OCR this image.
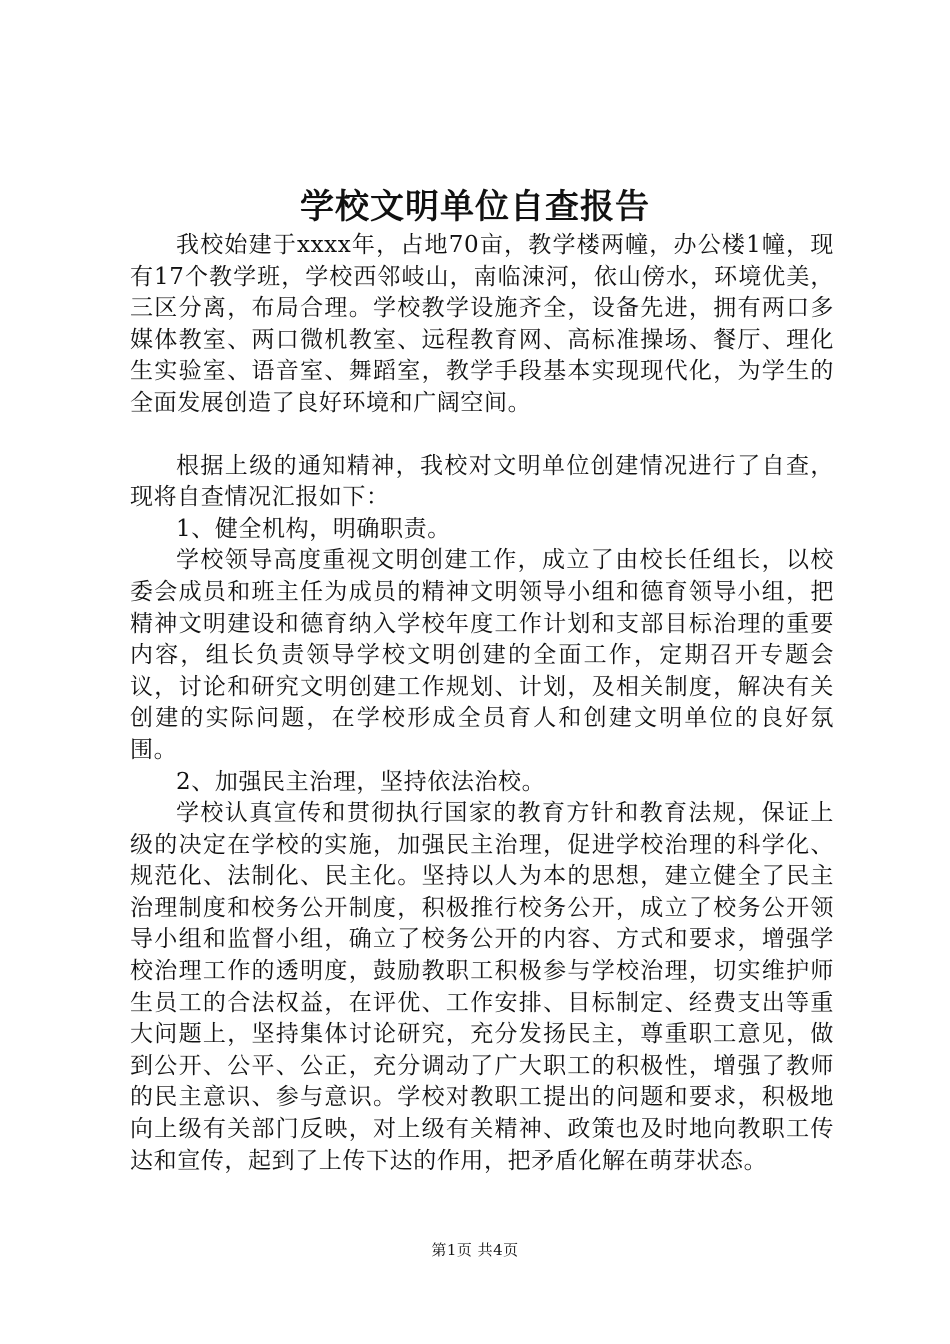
学校文明单位自查报告

我校始建于xxxx年，占地70亩，教学楼两幢，办公楼1幢，现有17个教学班，学校西邻岐山，南临涑河，依山傍水，环境优美，三区分离，布局合理。学校教学设施齐全，设备先进，拥有两口多媒体教室、两口微机教室、远程教育网、高标准操场、餐厅、理化生实验室、语音室、舞蹈室，教学手段基本实现现代化，为学生的全面发展创造了良好环境和广阔空间。

根据上级的通知精神，我校对文明单位创建情况进行了自查，现将自查情况汇报如下：

1、健全机构，明确职责。

学校领导高度重视文明创建工作，成立了由校长任组长，以校委会成员和班主任为成员的精神文明领导小组和德育领导小组，把精神文明建设和德育纳入学校年度工作计划和支部目标治理的重要内容，组长负责领导学校文明创建的全面工作，定期召开专题会议，讨论和研究文明创建工作规划、计划，及相关制度，解决有关创建的实际问题，在学校形成全员育人和创建文明单位的良好氛围。

2、加强民主治理，坚持依法治校。

学校认真宣传和贯彻执行国家的教育方针和教育法规，保证上级的决定在学校的实施，加强民主治理，促进学校治理的科学化、规范化、法制化、民主化。坚持以人为本的思想，建立健全了民主治理制度和校务公开制度，积极推行校务公开，成立了校务公开领导小组和监督小组，确立了校务公开的内容、方式和要求，增强学校治理工作的透明度，鼓励教职工积极参与学校治理，切实维护师生员工的合法权益，在评优、工作安排、目标制定、经费支出等重大问题上，坚持集体讨论研究，充分发扬民主，尊重职工意见，做到公开、公平、公正，充分调动了广大职工的积极性，增强了教师的民主意识、参与意识。学校对教职工提出的问题和要求，积极地向上级有关部门反映，对上级有关精神、政策也及时地向教职工传达和宣传，起到了上传下达的作用，把矛盾化解在萌芽状态。

第1页 共4页
